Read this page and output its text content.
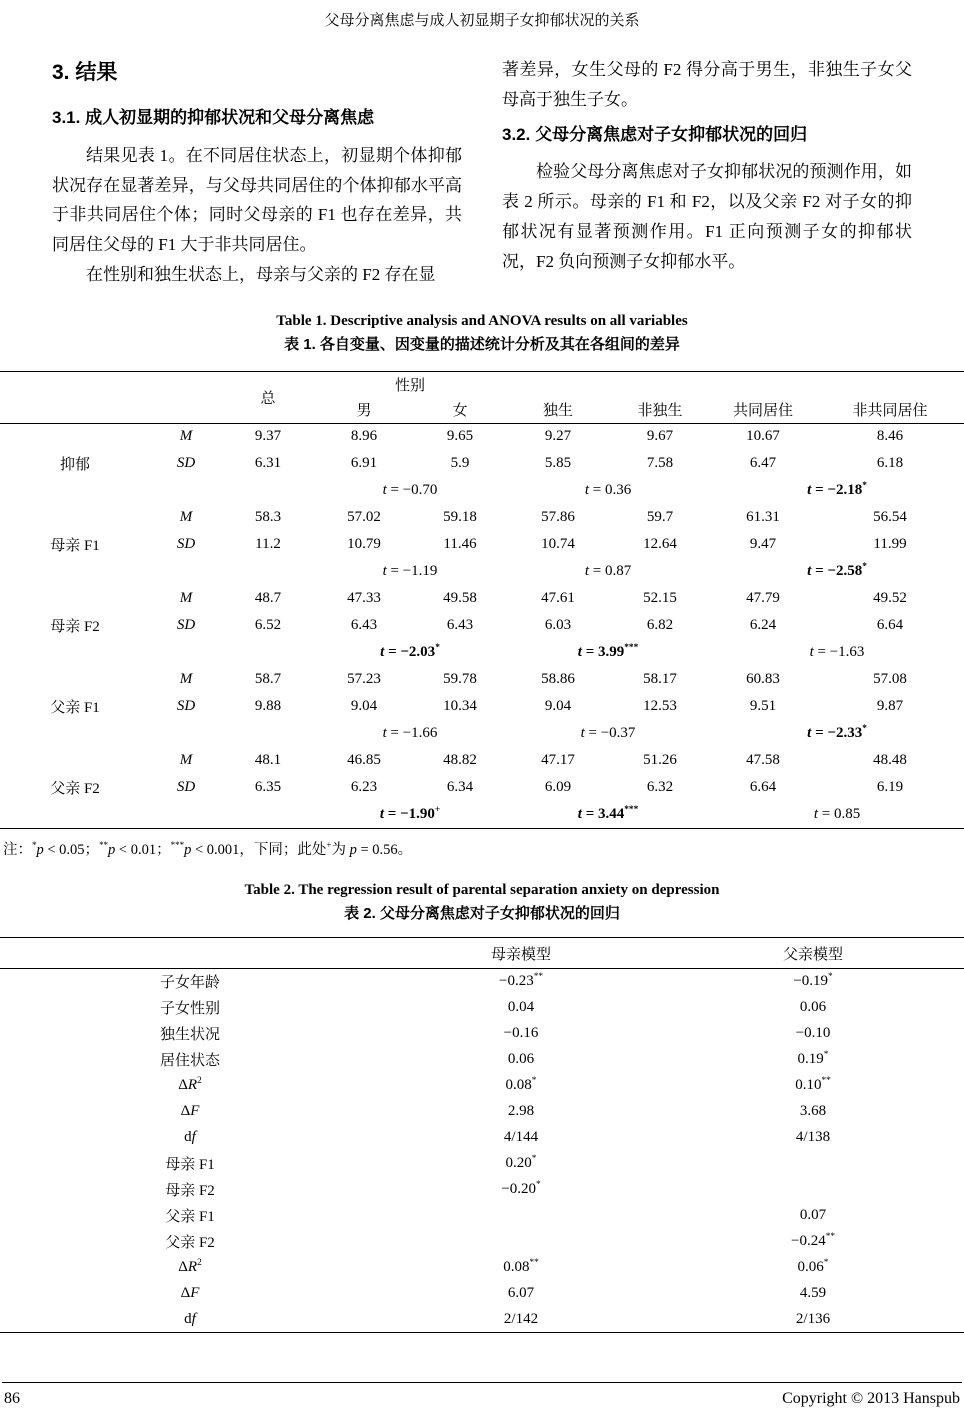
父母分离焦虑与成人初显期子女抑郁状况的关系
3. 结果
3.1. 成人初显期的抑郁状况和父母分离焦虑

结果见表 1。在不同居住状态上，初显期个体抑郁状况存在显著差异，与父母共同居住的个体抑郁水平高于非共同居住个体；同时父母亲的 F1 也存在差异，共同居住父母的 F1 大于非共同居住。

在性别和独生状态上，母亲与父亲的 F2 存在显

著差异，女生父母的 F2 得分高于男生，非独生子女父母高于独生子女。

3.2. 父母分离焦虑对子女抑郁状况的回归

检验父母分离焦虑对子女抑郁状况的预测作用，如表 2 所示。母亲的 F1 和 F2，以及父亲 F2 对子女的抑郁状况有显著预测作用。F1 正向预测子女的抑郁状况，F2 负向预测子女抑郁水平。

Table 1. Descriptive analysis and ANOVA results on all variables
表 1. 各自变量、因变量的描述统计分析及其在各组间的差异
		总	性别		独生	非独生	共同居住	非共同居住
			男	女				
抑郁	M	9.37	8.96	9.65	9.27	9.67	10.67	8.46
	SD	6.31	6.91	5.9	5.85	7.58	6.47	6.18
			t = −0.70		t = 0.36		t = −2.18*
母亲 F1	M	58.3	57.02	59.18	57.86	59.7	61.31	56.54
	SD	11.2	10.79	11.46	10.74	12.64	9.47	11.99
			t = −1.19		t = 0.87		t = −2.58*
母亲 F2	M	48.7	47.33	49.58	47.61	52.15	47.79	49.52
	SD	6.52	6.43	6.43	6.03	6.82	6.24	6.64
			t = −2.03*		t = 3.99***		t = −1.63	
父亲 F1	M	58.7	57.23	59.78	58.86	58.17	60.83	57.08
	SD	9.88	9.04	10.34	9.04	12.53	9.51	9.87
			t = −1.66		t = −0.37		t = −2.33*
父亲 F2	M	48.1	46.85	48.82	47.17	51.26	47.58	48.48
	SD	6.35	6.23	6.34	6.09	6.32	6.64	6.19
			t = −1.90+		t = 3.44***		t = 0.85	

注：*p < 0.05；**p < 0.01；***p < 0.001，下同；此处+为 p = 0.56。

Table 2. The regression result of parental separation anxiety on depression
表 2. 父母分离焦虑对子女抑郁状况的回归
	母亲模型	父亲模型
子女年龄	−0.23**	−0.19*
子女性别	0.04	0.06
独生状况	−0.16	−0.10
居住状态	0.06	0.19*
$\Delta R^2$	0.08*	0.10**
ΔF	2.98	3.68
df	4/144	4/138
母亲 F1	0.20*	
母亲 F2	−0.20*	
父亲 F1		0.07
父亲 F2		−0.24**
$\Delta R^2$	0.08**	0.06*
ΔF	6.07	4.59
df	2/142	2/136
86	Copyright © 2013 Hanspub
